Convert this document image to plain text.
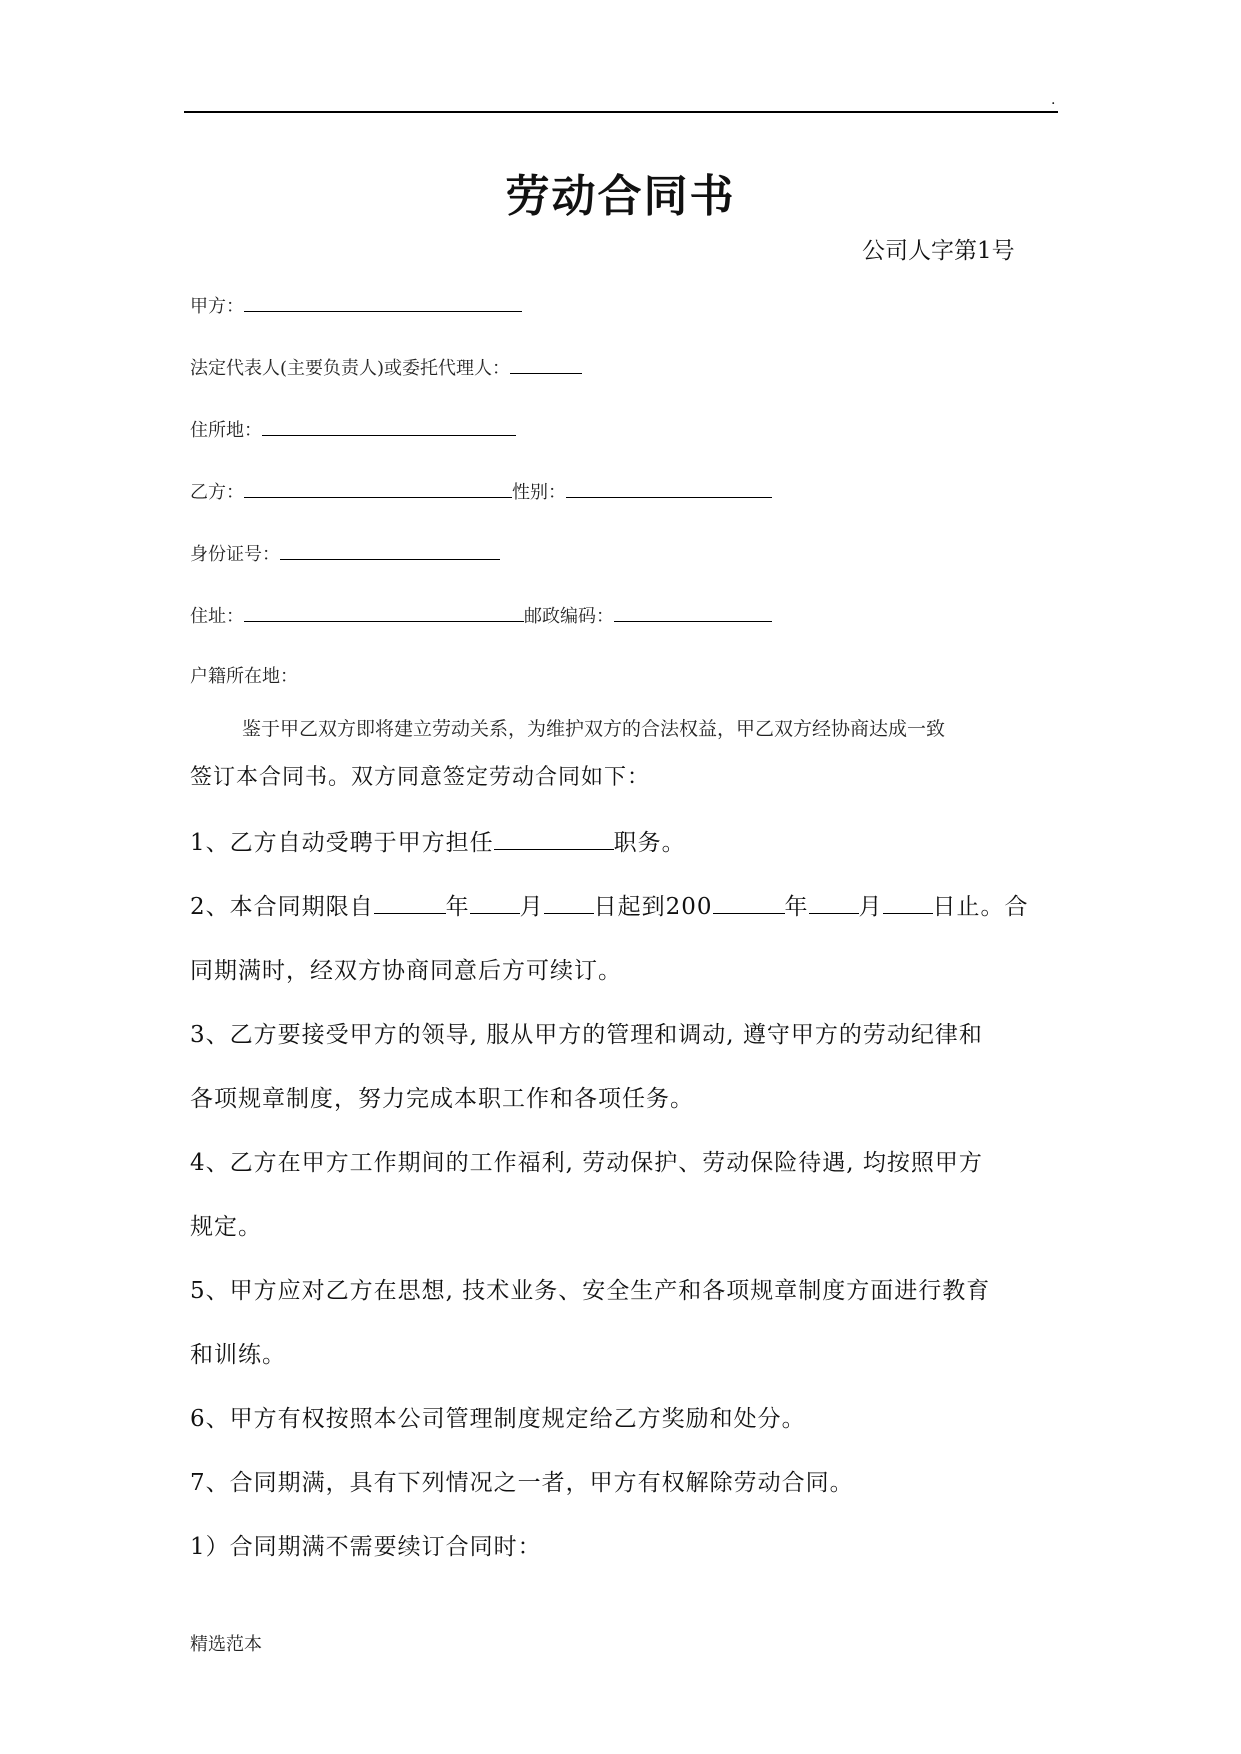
.
劳动合同书
公司人字第1号
甲方：
法定代表人(主要负责人)或委托代理人：
住所地：
乙方：	性别：
身份证号：
住址：	邮政编码：
户籍所在地：
鉴于甲乙双方即将建立劳动关系，为维护双方的合法权益，甲乙双方经协商达成一致
签订本合同书。双方同意签定劳动合同如下：
1、乙方自动受聘于甲方担任	职务。
2、本合同期限自	年 月 日起到200	年 月 日止。合
同期满时，经双方协商同意后方可续订。
3、乙方要接受甲方的领导, 服从甲方的管理和调动, 遵守甲方的劳动纪律和
各项规章制度，努力完成本职工作和各项任务。
4、乙方在甲方工作期间的工作福利, 劳动保护、劳动保险待遇, 均按照甲方
规定。
5、甲方应对乙方在思想, 技术业务、安全生产和各项规章制度方面进行教育
和训练。
6、甲方有权按照本公司管理制度规定给乙方奖励和处分。
7、合同期满，具有下列情况之一者，甲方有权解除劳动合同。
1）合同期满不需要续订合同时：
精选范本
